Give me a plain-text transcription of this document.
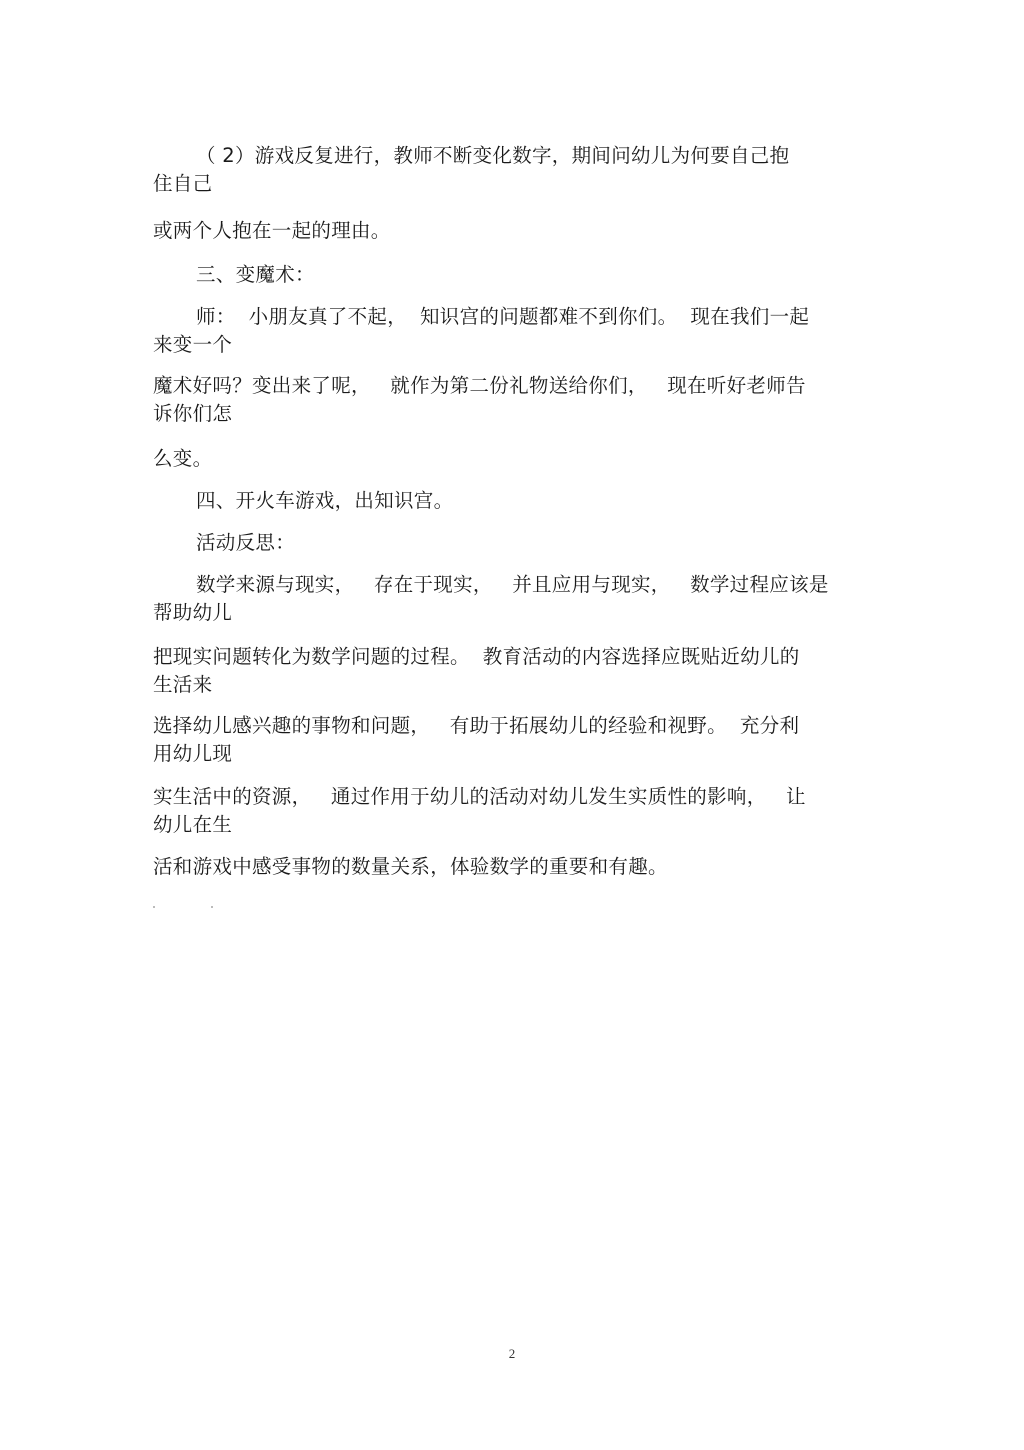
（ 2）游戏反复进行，教师不断变化数字，期间问幼儿为何要自己抱
住自己
或两个人抱在一起的理由。
三、变魔术：
师：  小朋友真了不起，  知识宫的问题都难不到你们。  现在我们一起
来变一个
魔术好吗？变出来了呢，   就作为第二份礼物送给你们，   现在听好老师告
诉你们怎
么变。
四、开火车游戏，出知识宫。
活动反思：
数学来源与现实，   存在于现实，   并且应用与现实，   数学过程应该是
帮助幼儿
把现实问题转化为数学问题的过程。  教育活动的内容选择应既贴近幼儿的
生活来
选择幼儿感兴趣的事物和问题，   有助于拓展幼儿的经验和视野。  充分利
用幼儿现
实生活中的资源，   通过作用于幼儿的活动对幼儿发生实质性的影响，   让
幼儿在生
活和游戏中感受事物的数量关系，体验数学的重要和有趣。
2
